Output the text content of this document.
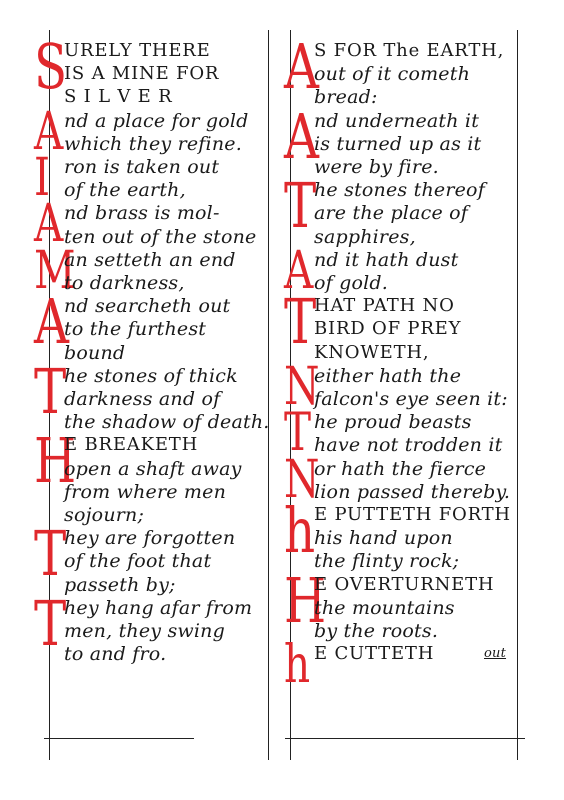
S
URELY THERE
IS A MINE FOR
S I L V E R
A nd a place for gold
which they refine.
I ron is taken out
of the earth,
A nd brass is mol-
ten out of the stone
M
an setteth an end
to darkness,
A
nd searcheth out
to the furthest
bound
T
he stones of thick
darkness and of
the shadow of death.
H
E BREAKETH
open a shaft away
from where men
sojourn;
T
hey are forgotten
of the foot that
passeth by;
T
hey hang afar from
men, they swing
to and fro.
A
S FOR The EARTH,
out of it cometh
bread:
A
nd underneath it
is turned up as it
were by fire.
T
he stones thereof
are the place of
sapphires,
A nd it hath dust
of gold.
T
HAT PATH NO
BIRD OF PREY
KNOWETH,
N
either hath the
falcon's eye seen it:
T he proud beasts
have not trodden it
N
or hath the fierce
lion passed thereby.
h
E PUTTETH FORTH
his hand upon
the flinty rock;
H
E OVERTURNETH
the mountains
by the roots.
h E CUTTETH	out
